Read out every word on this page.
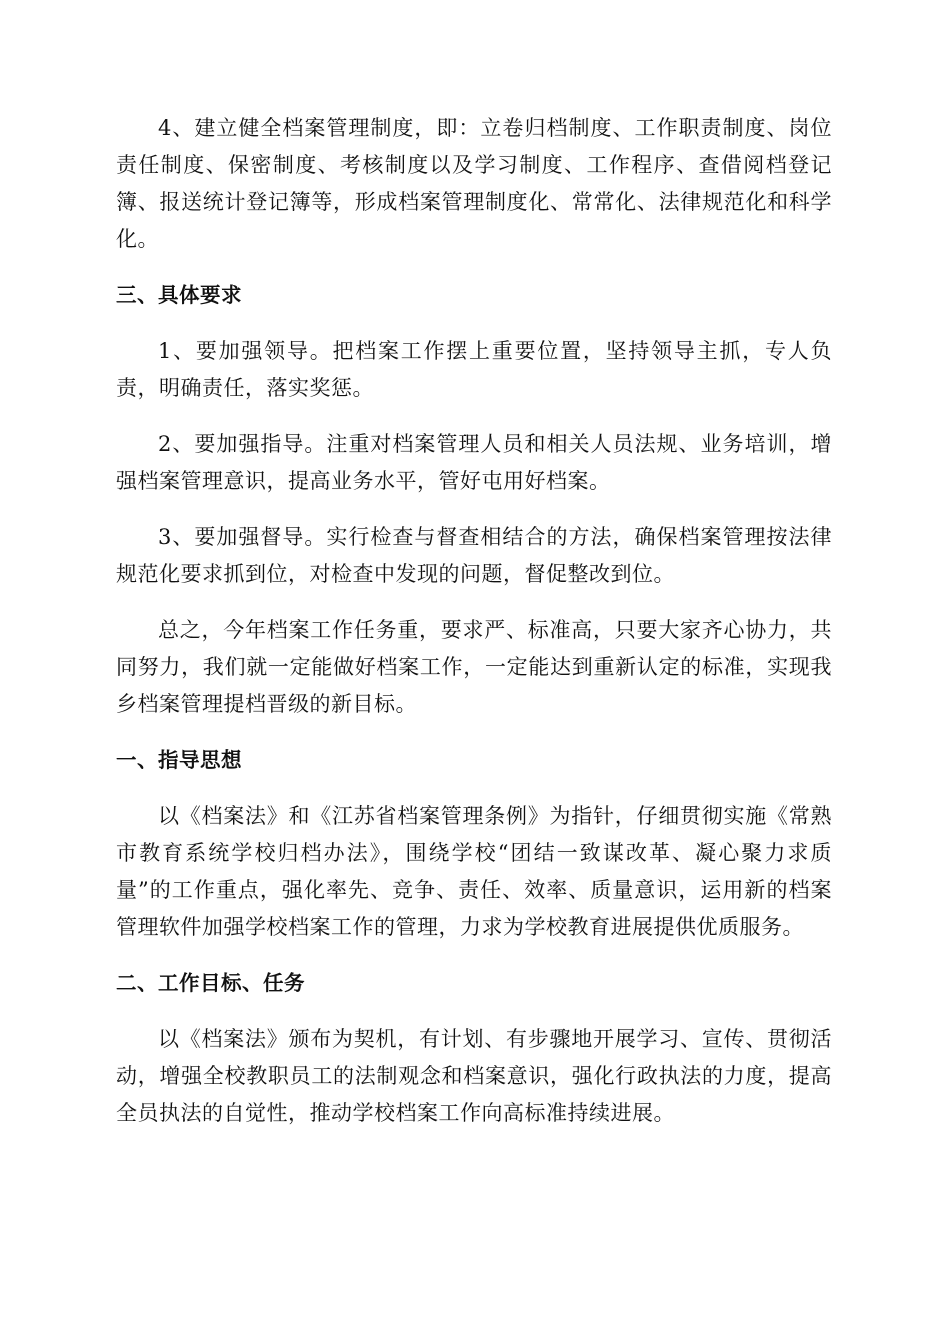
4、建立健全档案管理制度，即：立卷归档制度、工作职责制度、岗位责任制度、保密制度、考核制度以及学习制度、工作程序、查借阅档登记簿、报送统计登记簿等，形成档案管理制度化、常常化、法律规范化和科学化。

三、具体要求

1、要加强领导。把档案工作摆上重要位置，坚持领导主抓，专人负责，明确责任，落实奖惩。

2、要加强指导。注重对档案管理人员和相关人员法规、业务培训，增强档案管理意识，提高业务水平，管好屯用好档案。

3、要加强督导。实行检查与督查相结合的方法，确保档案管理按法律规范化要求抓到位，对检查中发现的问题，督促整改到位。

总之，今年档案工作任务重，要求严、标准高，只要大家齐心协力，共同努力，我们就一定能做好档案工作，一定能达到重新认定的标准，实现我乡档案管理提档晋级的新目标。

一、指导思想

以《档案法》和《江苏省档案管理条例》为指针，仔细贯彻实施《常熟市教育系统学校归档办法》，围绕学校“团结一致谋改革、凝心聚力求质量”的工作重点，强化率先、竞争、责任、效率、质量意识，运用新的档案管理软件加强学校档案工作的管理，力求为学校教育进展提供优质服务。

二、工作目标、任务

以《档案法》颁布为契机，有计划、有步骤地开展学习、宣传、贯彻活动，增强全校教职员工的法制观念和档案意识，强化行政执法的力度，提高全员执法的自觉性，推动学校档案工作向高标准持续进展。
